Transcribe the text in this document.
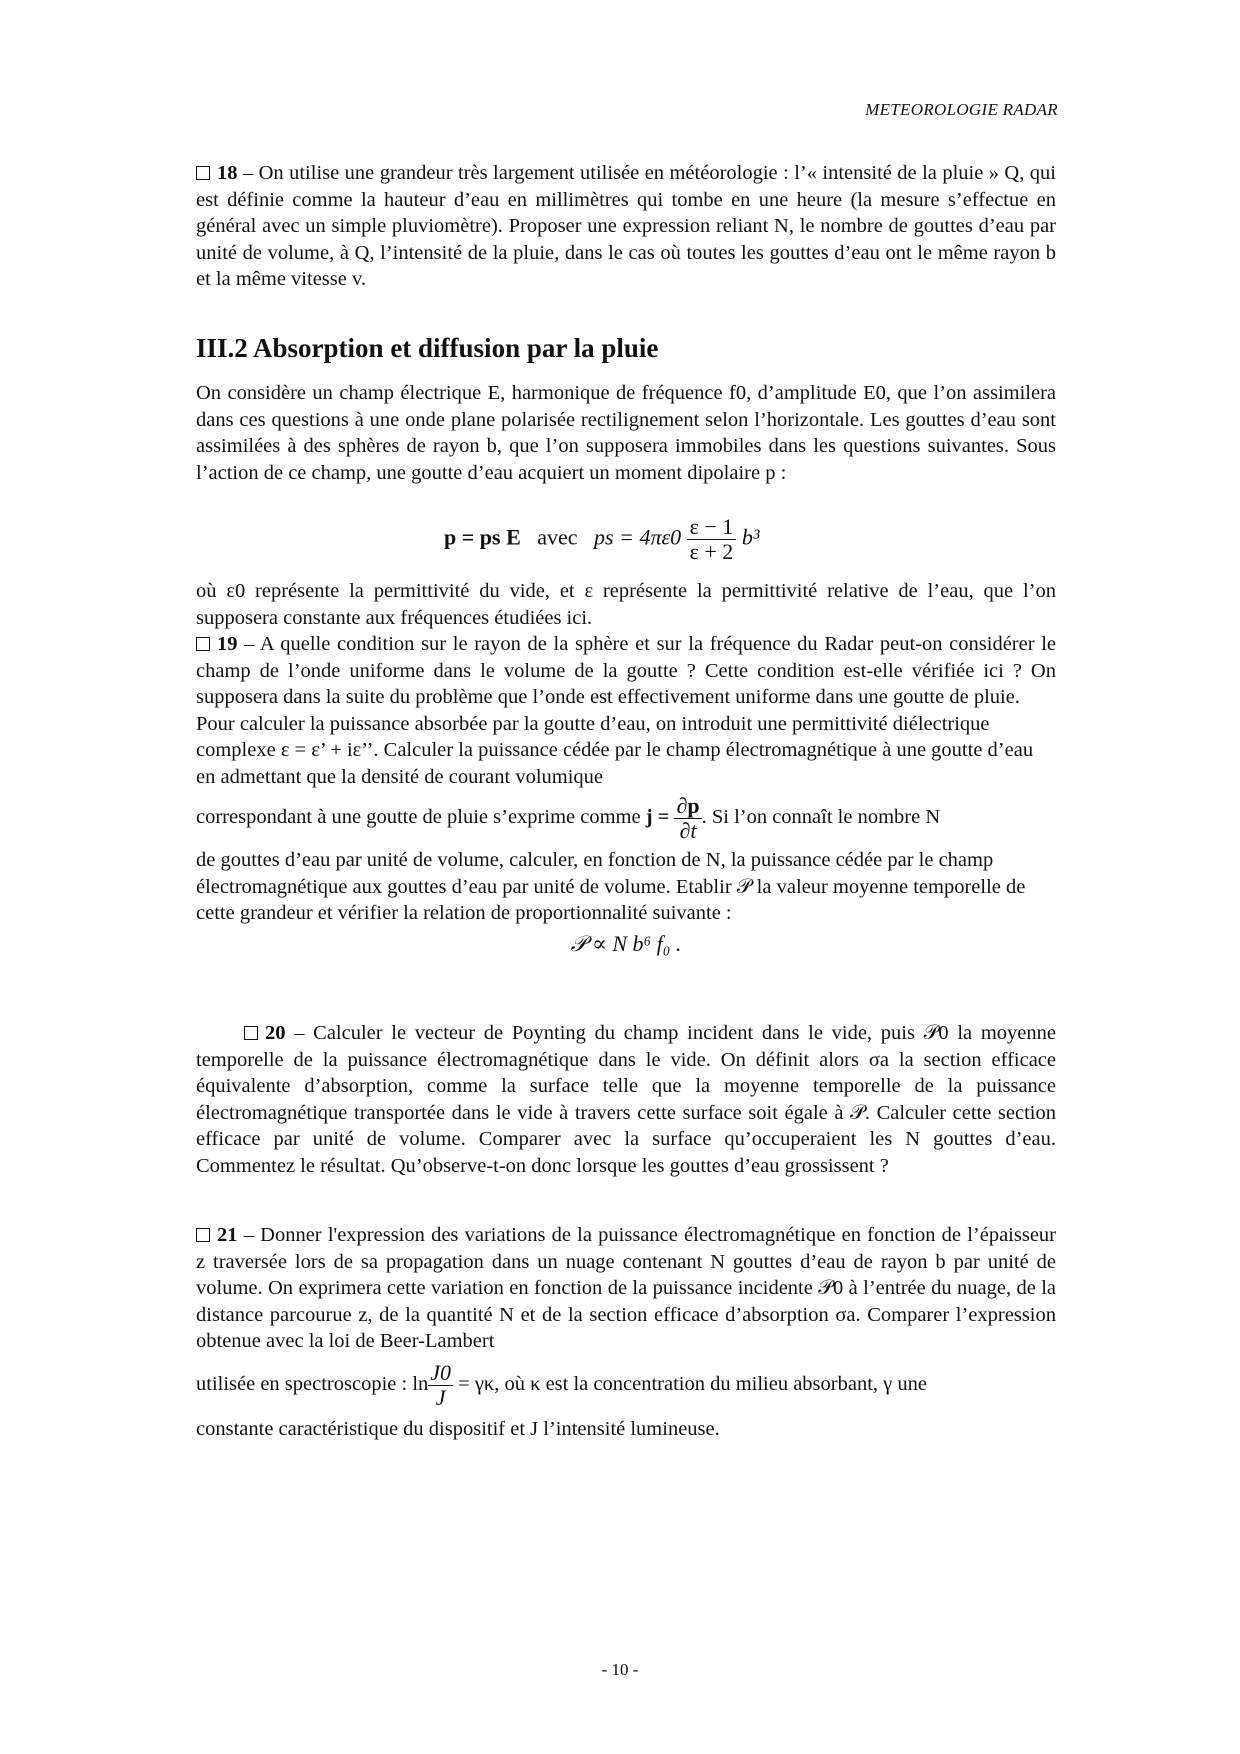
METEOROLOGIE RADAR

18 – On utilise une grandeur très largement utilisée en météorologie : l’« intensité de la pluie » Q, qui est définie comme la hauteur d’eau en millimètres qui tombe en une heure (la mesure s’effectue en général avec un simple pluviomètre). Proposer une expression reliant N, le nombre de gouttes d’eau par unité de volume, à Q, l’intensité de la pluie, dans le cas où toutes les gouttes d’eau ont le même rayon b et la même vitesse v.

III.2 Absorption et diffusion par la pluie

On considère un champ électrique E, harmonique de fréquence f0, d’amplitude E0, que l’on assimilera dans ces questions à une onde plane polarisée rectilignement selon l’horizontale. Les gouttes d’eau sont assimilées à des sphères de rayon b, que l’on supposera immobiles dans les questions suivantes. Sous l’action de ce champ, une goutte d’eau acquiert un moment dipolaire p :

p = ps E avec ps = $4\pi\varepsilon 0 \frac{\varepsilon - 1}{\varepsilon + 2} b^3$

où ε0 représente la permittivité du vide, et ε représente la permittivité relative de l’eau, que l’on supposera constante aux fréquences étudiées ici.

19 – A quelle condition sur le rayon de la sphère et sur la fréquence du Radar peut-on considérer le champ de l’onde uniforme dans le volume de la goutte ? Cette condition est-elle vérifiée ici ? On supposera dans la suite du problème que l’onde est effectivement uniforme dans une goutte de pluie.

Pour calculer la puissance absorbée par la goutte d’eau, on introduit une permittivité diélectrique complexe ε = ε’ + iε’’. Calculer la puissance cédée par le champ électromagnétique à une goutte d’eau en admettant que la densité de courant volumique

correspondant à une goutte de pluie s’exprime comme $j = \frac{\partial p}{\partial t}$ . Si l’on connaît le nombre N

de gouttes d’eau par unité de volume, calculer, en fonction de N, la puissance cédée par le champ électromagnétique aux gouttes d’eau par unité de volume. Etablir 𝒫 la valeur moyenne temporelle de cette grandeur et vérifier la relation de proportionnalité suivante :

𝒫 ∝ N b⁶ f₀ .

20 – Calculer le vecteur de Poynting du champ incident dans le vide, puis 𝒫0 la moyenne temporelle de la puissance électromagnétique dans le vide. On définit alors σa la section efficace équivalente d’absorption, comme la surface telle que la moyenne temporelle de la puissance électromagnétique transportée dans le vide à travers cette surface soit égale à 𝒫. Calculer cette section efficace par unité de volume. Comparer avec la surface qu’occuperaient les N gouttes d’eau. Commentez le résultat. Qu’observe-t-on donc lorsque les gouttes d’eau grossissent ?

21 – Donner l'expression des variations de la puissance électromagnétique en fonction de l’épaisseur z traversée lors de sa propagation dans un nuage contenant N gouttes d’eau de rayon b par unité de volume. On exprimera cette variation en fonction de la puissance incidente 𝒫0 à l’entrée du nuage, de la distance parcourue z, de la quantité N et de la section efficace d’absorption σa. Comparer l’expression obtenue avec la loi de Beer-Lambert

utilisée en spectroscopie : $\ln \frac{J0}{J} = \gamma\kappa$, où κ est la concentration du milieu absorbant, γ une

constante caractéristique du dispositif et J l’intensité lumineuse.

- 10 -
